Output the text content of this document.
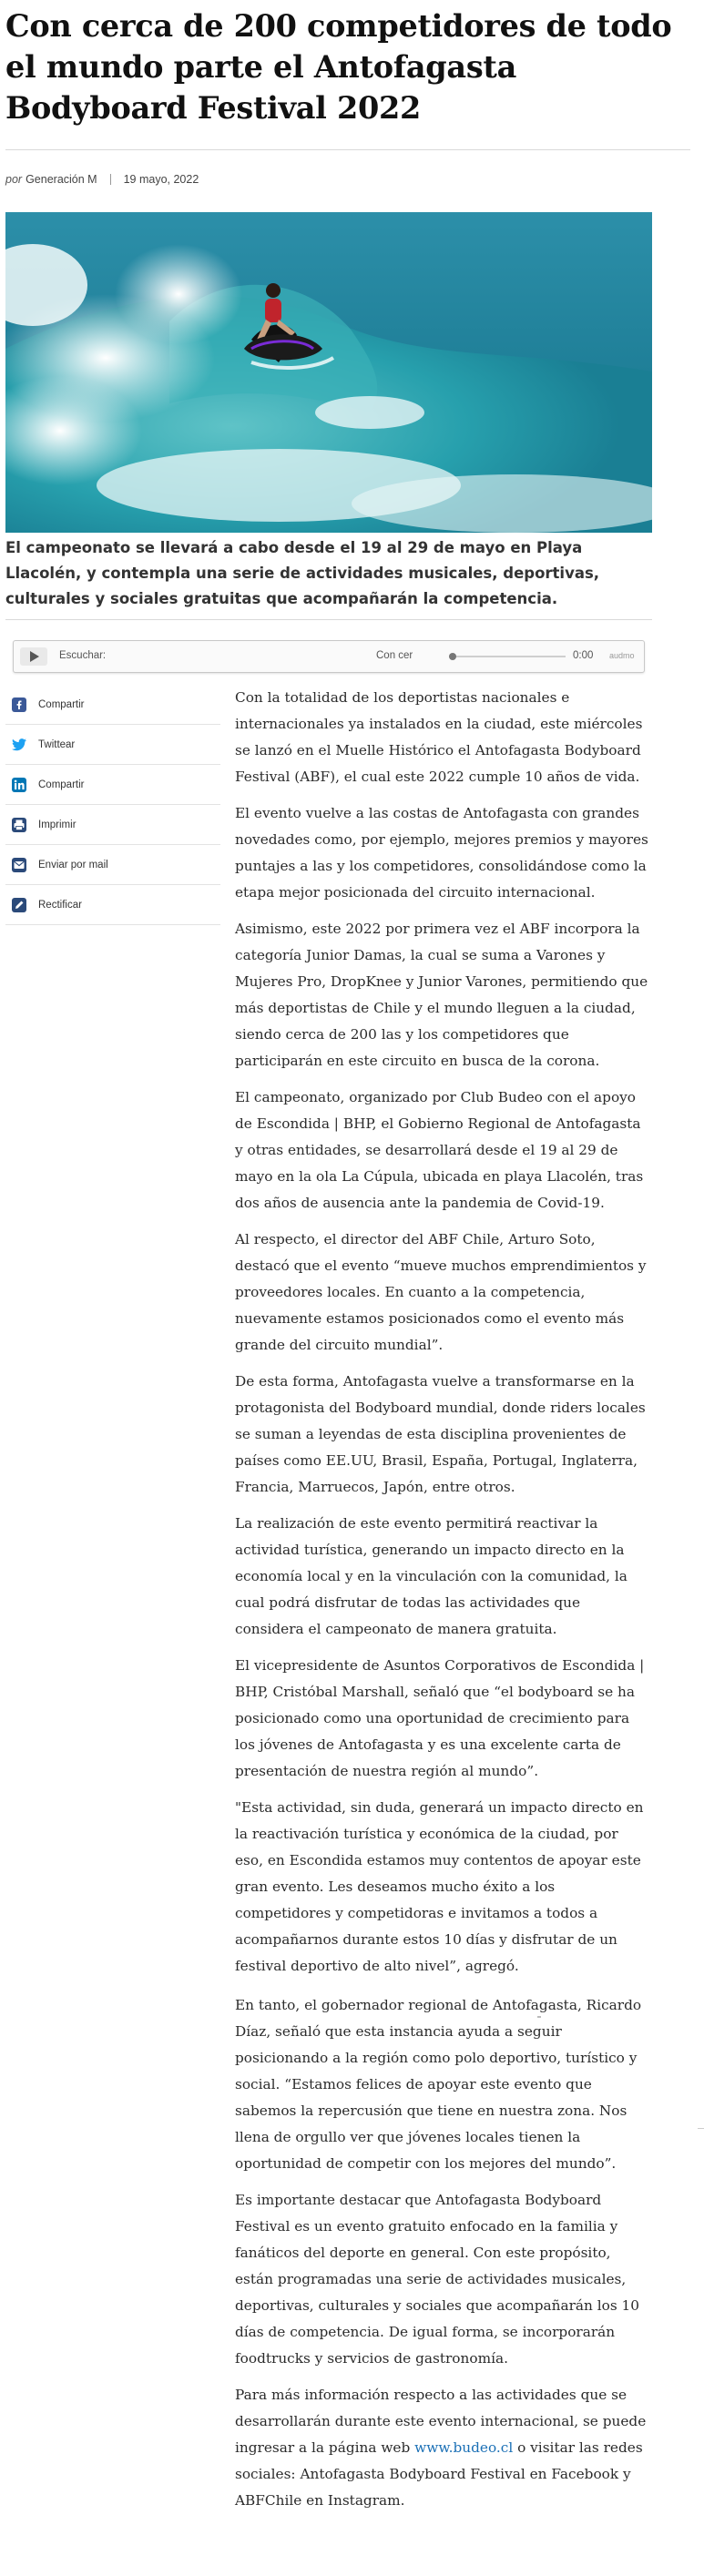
Con cerca de 200 competidores de todo el mundo parte el Antofagasta Bodyboard Festival 2022
por Generación M 19 mayo, 2022

El campeonato se llevará a cabo desde el 19 al 29 de mayo en Playa Llacolén, y contempla una serie de actividades musicales, deportivas, culturales y sociales gratuitas que acompañarán la competencia.

Escuchar:	Con cer	0:00 audmo
Compartir
Twittear
Compartir
Imprimir
Enviar por mail
Rectificar

Con la totalidad de los deportistas nacionales e internacionales ya instalados en la ciudad, este miércoles se lanzó en el Muelle Histórico el Antofagasta Bodyboard Festival (ABF), el cual este 2022 cumple 10 años de vida.

El evento vuelve a las costas de Antofagasta con grandes novedades como, por ejemplo, mejores premios y mayores puntajes a las y los competidores, consolidándose como la etapa mejor posicionada del circuito internacional.

Asimismo, este 2022 por primera vez el ABF incorpora la categoría Junior Damas, la cual se suma a Varones y Mujeres Pro, DropKnee y Junior Varones, permitiendo que más deportistas de Chile y el mundo lleguen a la ciudad, siendo cerca de 200 las y los competidores que participarán en este circuito en busca de la corona.

El campeonato, organizado por Club Budeo con el apoyo de Escondida | BHP, el Gobierno Regional de Antofagasta y otras entidades, se desarrollará desde el 19 al 29 de mayo en la ola La Cúpula, ubicada en playa Llacolén, tras dos años de ausencia ante la pandemia de Covid-19.

Al respecto, el director del ABF Chile, Arturo Soto, destacó que el evento “mueve muchos emprendimientos y proveedores locales. En cuanto a la competencia, nuevamente estamos posicionados como el evento más grande del circuito mundial”.

De esta forma, Antofagasta vuelve a transformarse en la protagonista del Bodyboard mundial, donde riders locales se suman a leyendas de esta disciplina provenientes de países como EE.UU, Brasil, España, Portugal, Inglaterra, Francia, Marruecos, Japón, entre otros.

La realización de este evento permitirá reactivar la actividad turística, generando un impacto directo en la economía local y en la vinculación con la comunidad, la cual podrá disfrutar de todas las actividades que considera el campeonato de manera gratuita.

El vicepresidente de Asuntos Corporativos de Escondida | BHP, Cristóbal Marshall, señaló que “el bodyboard se ha posicionado como una oportunidad de crecimiento para los jóvenes de Antofagasta y es una excelente carta de presentación de nuestra región al mundo”.

"Esta actividad, sin duda, generará un impacto directo en la reactivación turística y económica de la ciudad, por eso, en Escondida estamos muy contentos de apoyar este gran evento. Les deseamos mucho éxito a los competidores y competidoras e invitamos a todos a acompañarnos durante estos 10 días y disfrutar de un festival deportivo de alto nivel”, agregó.

En tanto, el gobernador regional de Antofagasta, Ricardo Díaz, señaló que esta instancia ayuda a seguir posicionando a la región como polo deportivo, turístico y social. “Estamos felices de apoyar este evento que sabemos la repercusión que tiene en nuestra zona. Nos llena de orgullo ver que jóvenes locales tienen la oportunidad de competir con los mejores del mundo”.

Es importante destacar que Antofagasta Bodyboard Festival es un evento gratuito enfocado en la familia y fanáticos del deporte en general. Con este propósito, están programadas una serie de actividades musicales, deportivas, culturales y sociales que acompañarán los 10 días de competencia. De igual forma, se incorporarán foodtrucks y servicios de gastronomía.

Para más información respecto a las actividades que se desarrollarán durante este evento internacional, se puede ingresar a la página web www.budeo.cl o visitar las redes sociales: Antofagasta Bodyboard Festival en Facebook y ABFChile en Instagram.
